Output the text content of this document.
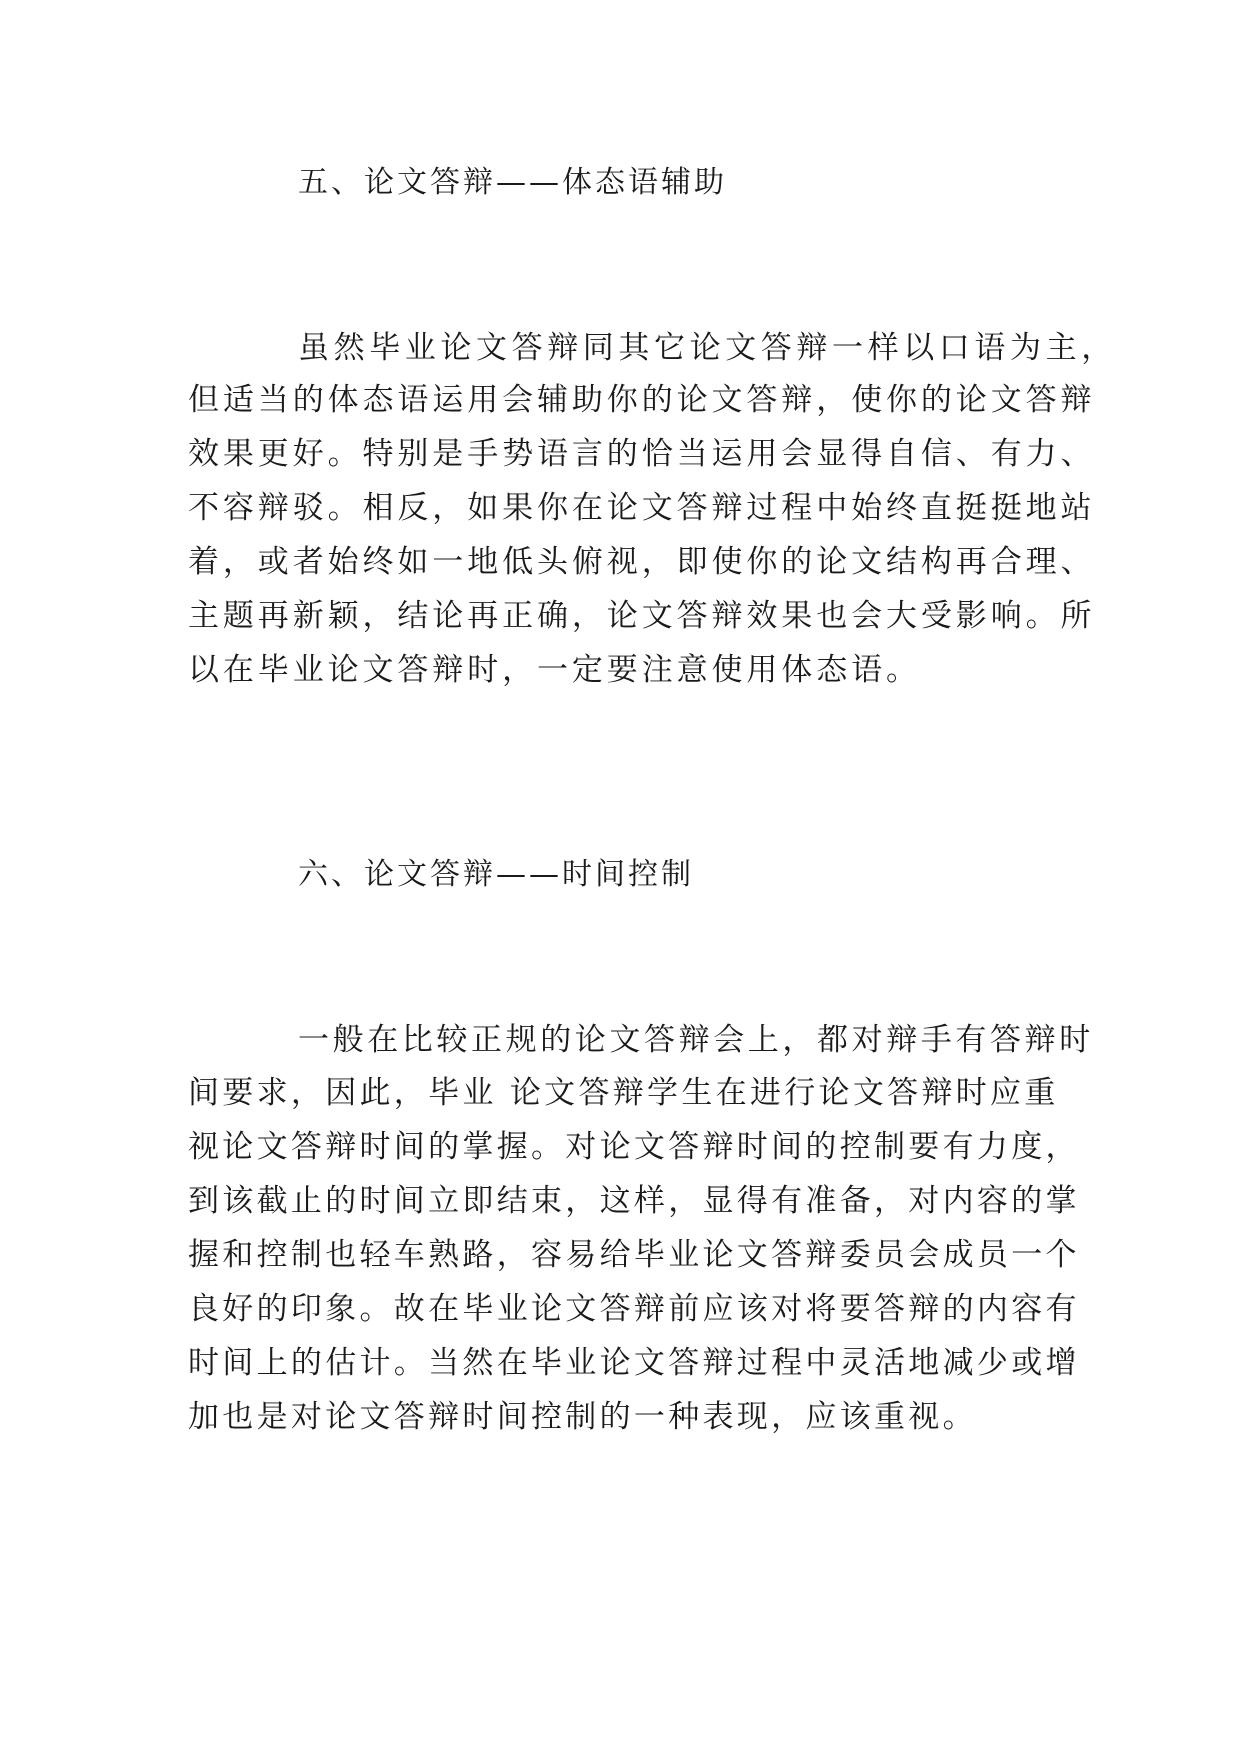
五、论文答辩——体态语辅助
虽然毕业论文答辩同其它论文答辩一样以口语为主，
但适当的体态语运用会辅助你的论文答辩，使你的论文答辩
效果更好。特别是手势语言的恰当运用会显得自信、有力、
不容辩驳。相反，如果你在论文答辩过程中始终直挺挺地站
着，或者始终如一地低头俯视，即使你的论文结构再合理、
主题再新颖，结论再正确，论文答辩效果也会大受影响。所
以在毕业论文答辩时，一定要注意使用体态语。
六、论文答辩——时间控制
一般在比较正规的论文答辩会上，都对辩手有答辩时
间要求，因此，毕业 论文答辩学生在进行论文答辩时应重
视论文答辩时间的掌握。对论文答辩时间的控制要有力度，
到该截止的时间立即结束，这样，显得有准备，对内容的掌
握和控制也轻车熟路，容易给毕业论文答辩委员会成员一个
良好的印象。故在毕业论文答辩前应该对将要答辩的内容有
时间上的估计。当然在毕业论文答辩过程中灵活地减少或增
加也是对论文答辩时间控制的一种表现，应该重视。
